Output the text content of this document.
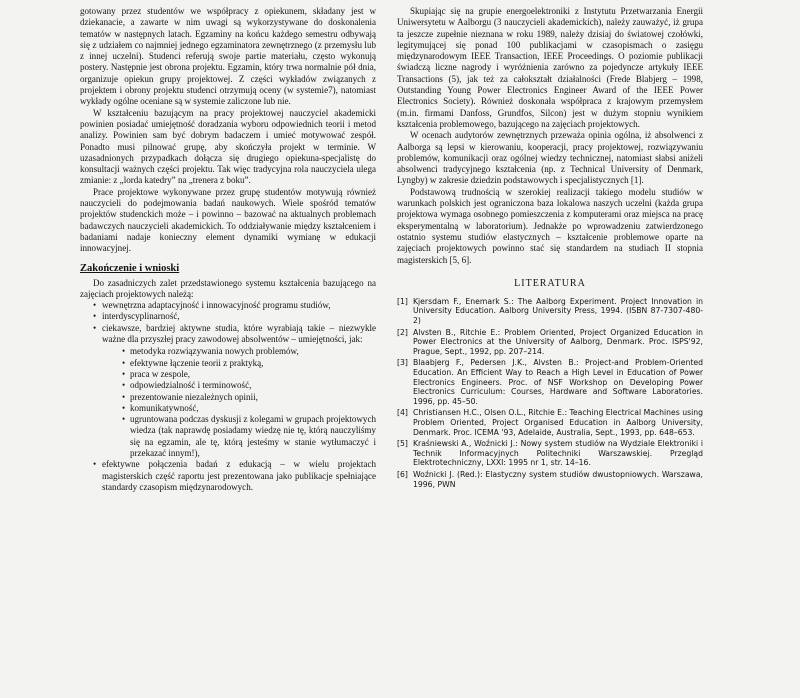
gotowany przez studentów we współpracy z opiekunem, składany jest w dziekanacie, a zawarte w nim uwagi są wykorzystywane do doskonalenia tematów w następnych latach. Egzaminy na końcu każdego semestru odbywają się z udziałem co najmniej jednego egzaminatora zewnętrznego (z przemysłu lub z innej uczelni). Studenci referują swoje partie materiału, często wykonują postery. Następnie jest obrona projektu. Egzamin, który trwa normalnie pół dnia, organizuje opiekun grupy projektowej. Z części wykładów związanych z projektem i obrony projektu studenci otrzymują oceny (w systemie7), natomiast wykłady ogólne oceniane są w systemie zaliczone lub nie.

W kształceniu bazującym na pracy projektowej nauczyciel akademicki powinien posiadać umiejętność doradzania wyboru odpowiednich teorii i metod analizy. Powinien sam być dobrym badaczem i umieć motywować zespół. Ponadto musi pilnować grupę, aby skończyła projekt w terminie. W uzasadnionych przypadkach dołącza się drugiego opiekuna-specjalistę do konsultacji ważnych części projektu. Tak więc tradycyjna rola nauczyciela ulega zmianie: z „lorda katedry” na „trenera z boku”.

Prace projektowe wykonywane przez grupę studentów motywują również nauczycieli do podejmowania badań naukowych. Wiele spośród tematów projektów studenckich może – i powinno – bazować na aktualnych problemach badawczych nauczycieli akademickich. To oddziaływanie między kształceniem i badaniami nadaje konieczny element dynamiki wymianę w edukacji innowacyjnej.

Zakończenie i wnioski

Do zasadniczych zalet przedstawionego systemu kształcenia bazującego na zajęciach projektowych należą:

• wewnętrzna adaptacyjność i innowacyjność programu studiów,
• interdyscyplinarność,
• ciekawsze, bardziej aktywne studia, które wyrabiają takie – niezwykle ważne dla przyszłej pracy zawodowej absolwentów – umiejętności, jak:
• metodyka rozwiązywania nowych problemów,
• efektywne łączenie teorii z praktyką,
• praca w zespole,
• odpowiedzialność i terminowość,
• prezentowanie niezależnych opinii,
• komunikatywność,
• ugruntowana podczas dyskusji z kolegami w grupach projektowych wiedza (tak naprawdę posiadamy wiedzę nie tę, którą nauczyliśmy się na egzamin, ale tę, którą jesteśmy w stanie wytłumaczyć i przekazać innym!),
• efektywne połączenia badań z edukacją – w wielu projektach magisterskich część raportu jest prezentowana jako publikacje spełniające standardy czasopism międzynarodowych.

Skupiając się na grupie energoelektroniki z Instytutu Przetwarzania Energii Uniwersytetu w Aalborgu (3 nauczycieli akademickich), należy zauważyć, iż grupa ta jeszcze zupełnie nieznana w roku 1989, należy dzisiaj do światowej czołówki, legitymującej się ponad 100 publikacjami w czasopismach o zasięgu międzynarodowym IEEE Transaction, IEEE Proceedings. O poziomie publikacji świadczą liczne nagrody i wyróżnienia zarówno za pojedyncze artykuły IEEE Transactions (5), jak też za całokształt działalności (Frede Blabjerg – 1998, Outstanding Young Power Electronics Engineer Award of the IEEE Power Electronics Society). Również doskonała współpraca z krajowym przemysłem (m.in. firmami Danfoss, Grundfos, Silcon) jest w dużym stopniu wynikiem kształcenia problemowego, bazującego na zajęciach projektowych.

W ocenach audytorów zewnętrznych przeważa opinia ogólna, iż absolwenci z Aalborga są lepsi w kierowaniu, kooperacji, pracy projektowej, rozwiązywaniu problemów, komunikacji oraz ogólnej wiedzy technicznej, natomiast słabsi aniżeli absolwenci tradycyjnego kształcenia (np. z Technical University of Denmark, Lyngby) w zakresie dziedzin podstawowych i specjalistycznych [1].

Podstawową trudnością w szerokiej realizacji takiego modelu studiów w warunkach polskich jest ograniczona baza lokalowa naszych uczelni (każda grupa projektowa wymaga osobnego pomieszczenia z komputerami oraz miejsca na pracę eksperymentalną w laboratorium). Jednakże po wprowadzeniu zatwierdzonego ostatnio systemu studiów elastycznych – kształcenie problemowe oparte na zajęciach projektowych powinno stać się standardem na studiach II stopnia magisterskich [5, 6].

LITERATURA
[1] Kjersdam F., Enemark S.: The Aalborg Experiment. Project Innovation in University Education. Aalborg University Press, 1994. (ISBN 87-7307-480-2)
[2] Alvsten B., Ritchie E.: Problem Oriented, Project Organized Education in Power Electronics at the University of Aalborg, Denmark. Proc. ISPS'92, Prague, Sept., 1992, pp. 207–214.
[3] Blaabjerg F., Pedersen J.K., Alvsten B.: Project-and Problem-Oriented Education. An Efficient Way to Reach a High Level in Education of Power Electronics Engineers. Proc. of NSF Workshop on Developing Power Electronics Curriculum: Courses, Hardware and Software Laboratories. 1996, pp. 45–50.
[4] Christiansen H.C., Olsen O.L., Ritchie E.: Teaching Electrical Machines using Problem Oriented, Project Organised Education in Aalborg University, Denmark. Proc. ICEMA '93, Adelaide, Australia, Sept., 1993, pp. 648–653.
[5] Kraśniewski A., Woźnicki J.: Nowy system studiów na Wydziale Elektroniki i Technik Informacyjnych Politechniki Warszawskiej. Przegląd Elektrotechniczny, LXXI: 1995 nr 1, str. 14–16.
[6] Woźnicki J. (Red.): Elastyczny system studiów dwustopniowych. Warszawa, 1996, PWN
